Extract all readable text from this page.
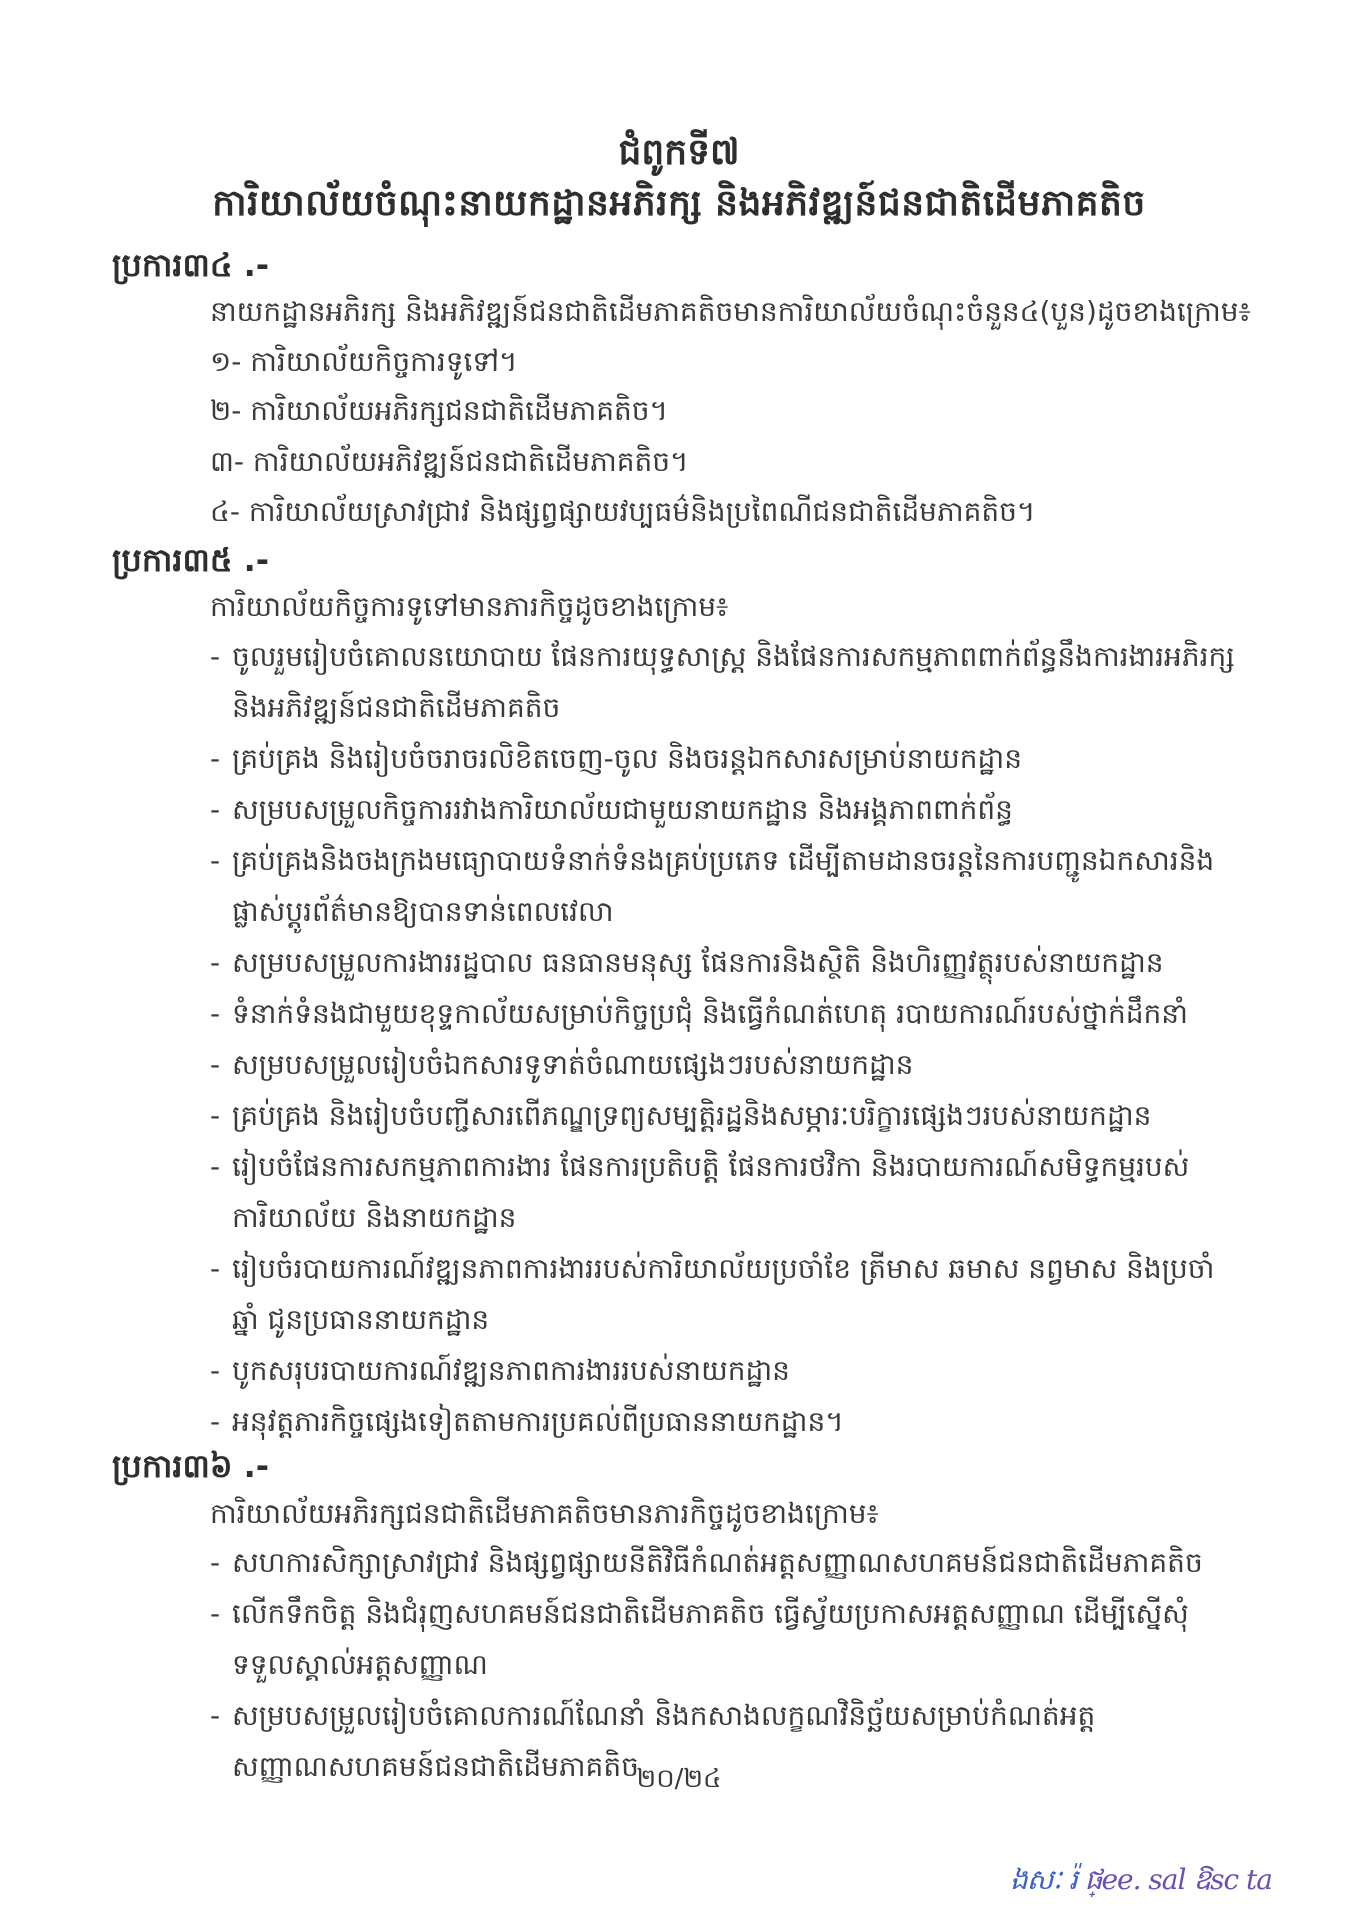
ជំពូកទី៧
ការិយាល័យចំណុះនាយកដ្ឋានអភិរក្ស និងអភិវឌ្ឍន៍ជនជាតិដើមភាគតិច
ប្រការ៣៤ .-
នាយកដ្ឋានអភិរក្ស និងអភិវឌ្ឍន៍ជនជាតិដើមភាគតិចមានការិយាល័យចំណុះចំនួន៤(បួន)ដូចខាងក្រោម៖
១- ការិយាល័យកិច្ចការទូទៅ។
២- ការិយាល័យអភិរក្សជនជាតិដើមភាគតិច។
៣- ការិយាល័យអភិវឌ្ឍន៍ជនជាតិដើមភាគតិច។
៤- ការិយាល័យស្រាវជ្រាវ និងផ្សព្វផ្សាយវប្បធម៌និងប្រពៃណីជនជាតិដើមភាគតិច។
ប្រការ៣៥ .-
ការិយាល័យកិច្ចការទូទៅមានភារកិច្ចដូចខាងក្រោម៖
- ចូលរួមរៀបចំគោលនយោបាយ ផែនការយុទ្ធសាស្ត្រ និងផែនការសកម្មភាពពាក់ព័ន្ធនឹងការងារអភិរក្ស និងអភិវឌ្ឍន៍ជនជាតិដើមភាគតិច
- គ្រប់គ្រង និងរៀបចំចរាចរលិខិតចេញ-ចូល និងចរន្តឯកសារសម្រាប់នាយកដ្ឋាន
- សម្របសម្រួលកិច្ចការរវាងការិយាល័យជាមួយនាយកដ្ឋាន និងអង្គភាពពាក់ព័ន្ធ
- គ្រប់គ្រងនិងចងក្រងមធ្យោបាយទំនាក់ទំនងគ្រប់ប្រភេទ ដើម្បីតាមដានចរន្តនៃការបញ្ជូនឯកសារនិងផ្លាស់ប្តូរព័ត៌មានឱ្យបានទាន់ពេលវេលា
- សម្របសម្រួលការងាររដ្ឋបាល ធនធានមនុស្ស ផែនការនិងស្ថិតិ និងហិរញ្ញវត្ថុរបស់នាយកដ្ឋាន
- ទំនាក់ទំនងជាមួយខុទ្ទកាល័យសម្រាប់កិច្ចប្រជុំ និងធ្វើកំណត់ហេតុ របាយការណ៍របស់ថ្នាក់ដឹកនាំ
- សម្របសម្រួលរៀបចំឯកសារទូទាត់ចំណាយផ្សេងៗរបស់នាយកដ្ឋាន
- គ្រប់គ្រង និងរៀបចំបញ្ជីសារពើភណ្ឌទ្រព្យសម្បត្តិរដ្ឋនិងសម្ភារៈបរិក្ខារផ្សេងៗរបស់នាយកដ្ឋាន
- រៀបចំផែនការសកម្មភាពការងារ ផែនការប្រតិបត្តិ ផែនការថវិកា និងរបាយការណ៍សមិទ្ធកម្មរបស់ការិយាល័យ និងនាយកដ្ឋាន
- រៀបចំរបាយការណ៍វឌ្ឍនភាពការងាររបស់ការិយាល័យប្រចាំខែ ត្រីមាស ឆមាស នព្វមាស និងប្រចាំឆ្នាំ ជូនប្រធាននាយកដ្ឋាន
- បូកសរុបរបាយការណ៍វឌ្ឍនភាពការងាររបស់នាយកដ្ឋាន
- អនុវត្តភារកិច្ចផ្សេងទៀតតាមការប្រគល់ពីប្រធាននាយកដ្ឋាន។
ប្រការ៣៦ .-
ការិយាល័យអភិរក្សជនជាតិដើមភាគតិចមានភារកិច្ចដូចខាងក្រោម៖
- សហការសិក្សាស្រាវជ្រាវ និងផ្សព្វផ្សាយនីតិវិធីកំណត់អត្តសញ្ញាណសហគមន៍ជនជាតិដើមភាគតិច
- លើកទឹកចិត្ត និងជំរុញសហគមន៍ជនជាតិដើមភាគតិច ធ្វើស្វ័យប្រកាសអត្តសញ្ញាណ ដើម្បីស្នើសុំទទួលស្គាល់អត្តសញ្ញាណ
- សម្របសម្រួលរៀបចំគោលការណ៍ណែនាំ និងកសាងលក្ខណវិនិច្ឆ័យសម្រាប់កំណត់អត្តសញ្ញាណសហគមន៍ជនជាតិដើមភាគតិច
២០/២៤
ងសៈ រ៉ ផ្ee. sal ឱsc ta
